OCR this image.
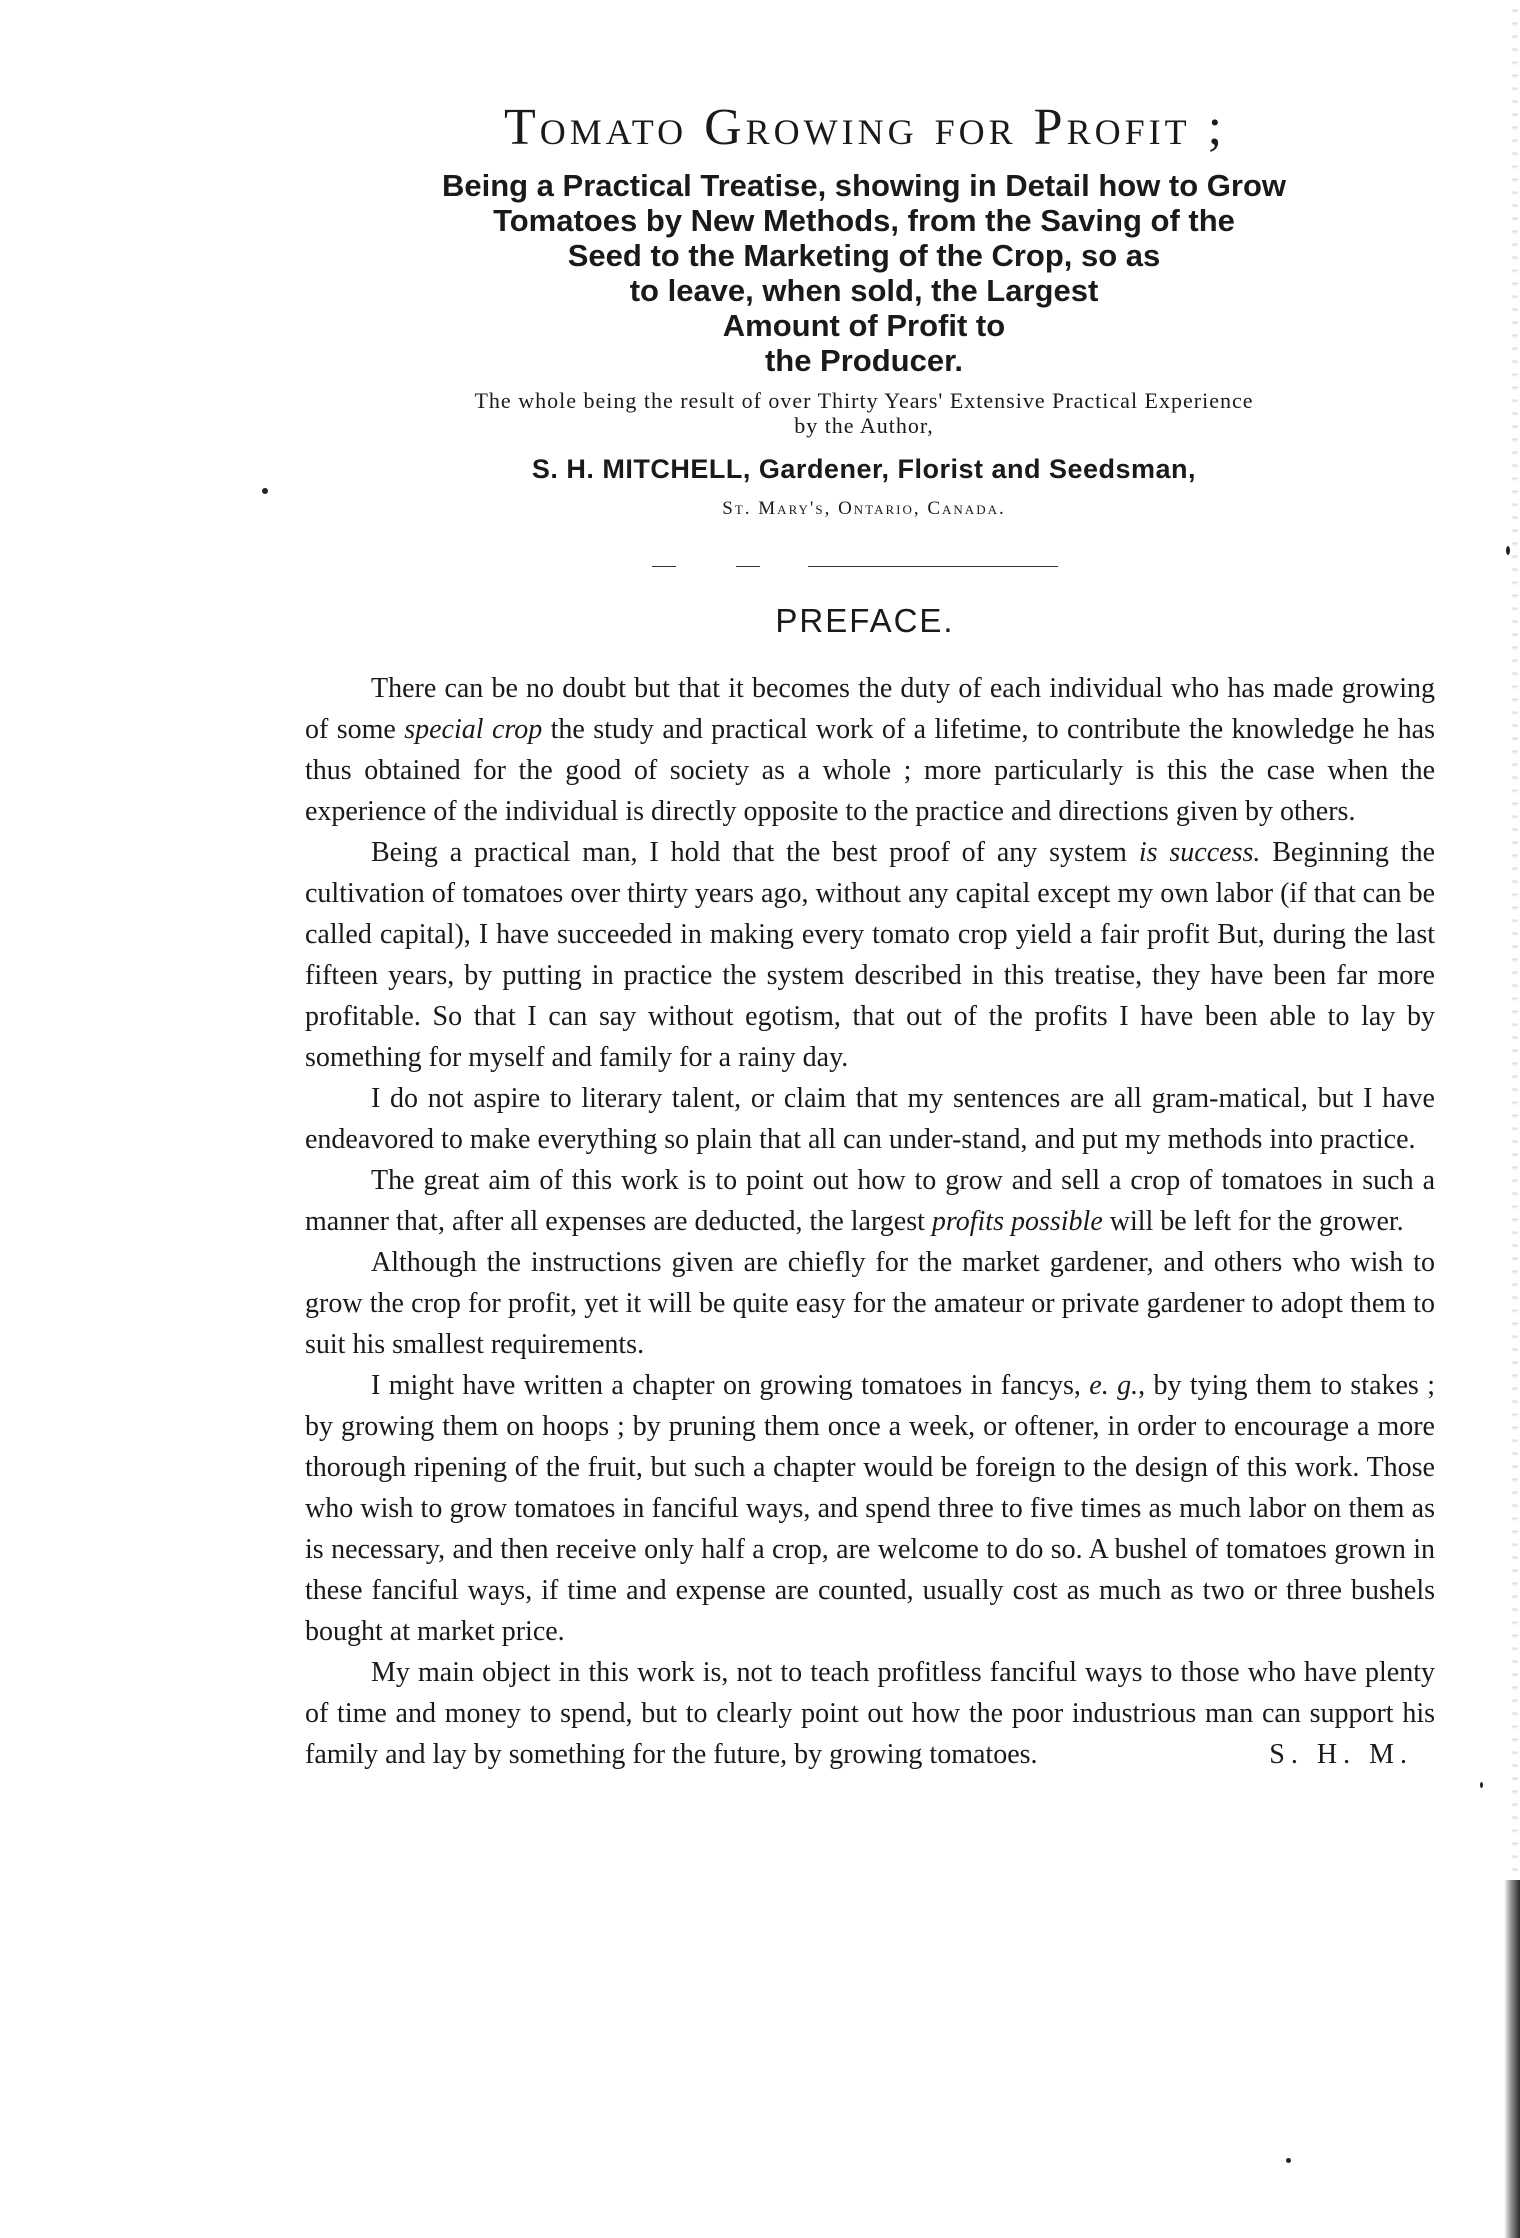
Tomato Growing for Profit ;
Being a Practical Treatise, showing in Detail how to Grow
Tomatoes by New Methods, from the Saving of the
Seed to the Marketing of the Crop, so as
to leave, when sold, the Largest
Amount of Profit to
the Producer.
The whole being the result of over Thirty Years' Extensive Practical Experience
by the Author,
S. H. MITCHELL, Gardener, Florist and Seedsman,
St. Mary's, Ontario, Canada.
PREFACE.

There can be no doubt but that it becomes the duty of each individual who has made growing of some special crop the study and practical work of a lifetime, to contribute the knowledge he has thus obtained for the good of society as a whole ; more particularly is this the case when the experience of the individual is directly opposite to the practice and directions given by others.

Being a practical man, I hold that the best proof of any system is success. Beginning the cultivation of tomatoes over thirty years ago, without any capital except my own labor (if that can be called capital), I have succeeded in making every tomato crop yield a fair profit But, during the last fifteen years, by putting in practice the system described in this treatise, they have been far more profitable. So that I can say without egotism, that out of the profits I have been able to lay by something for myself and family for a rainy day.

I do not aspire to literary talent, or claim that my sentences are all gram-matical, but I have endeavored to make everything so plain that all can under-stand, and put my methods into practice.

The great aim of this work is to point out how to grow and sell a crop of tomatoes in such a manner that, after all expenses are deducted, the largest profits possible will be left for the grower.

Although the instructions given are chiefly for the market gardener, and others who wish to grow the crop for profit, yet it will be quite easy for the amateur or private gardener to adopt them to suit his smallest requirements.

I might have written a chapter on growing tomatoes in fancys, e. g., by tying them to stakes ; by growing them on hoops ; by pruning them once a week, or oftener, in order to encourage a more thorough ripening of the fruit, but such a chapter would be foreign to the design of this work. Those who wish to grow tomatoes in fanciful ways, and spend three to five times as much labor on them as is necessary, and then receive only half a crop, are welcome to do so. A bushel of tomatoes grown in these fanciful ways, if time and expense are counted, usually cost as much as two or three bushels bought at market price.

My main object in this work is, not to teach profitless fanciful ways to those who have plenty of time and money to spend, but to clearly point out how the poor industrious man can support his family and lay by something for the future, by growing tomatoes.	S. H. M.
